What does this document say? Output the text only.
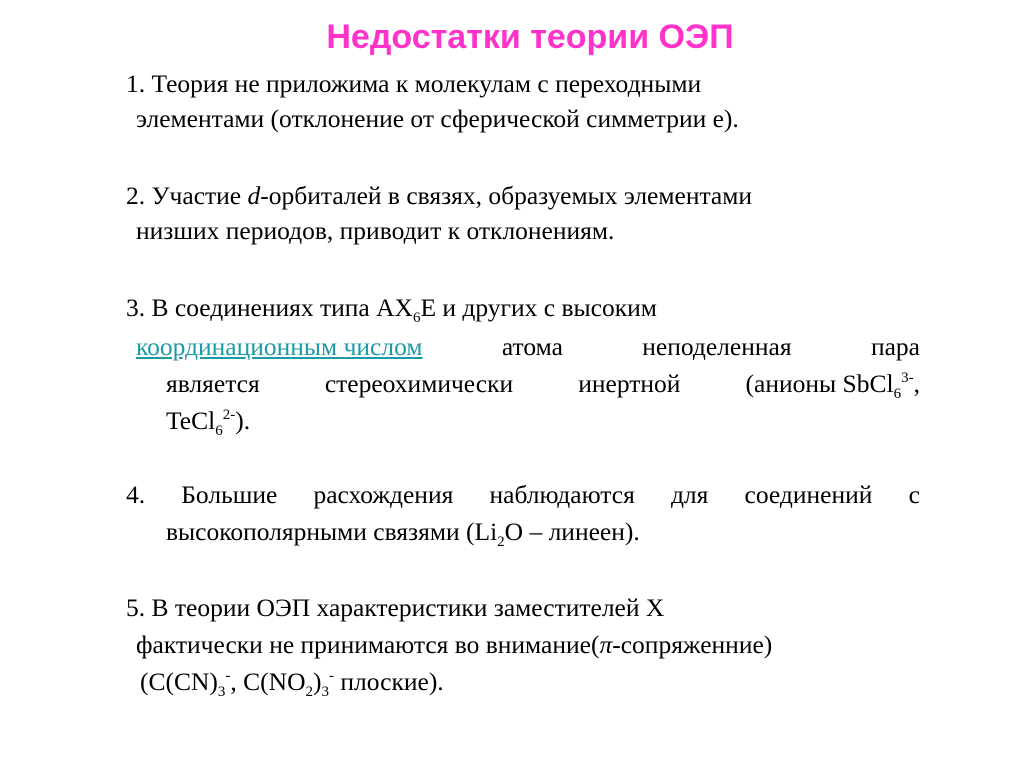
Недостатки теории ОЭП
1. Теория не приложима к молекулам с переходными
элементами (отклонение от сферической симметрии е).
2. Участие d-орбиталей в связях, образуемых элементами
низших периодов, приводит к отклонениям.
3. В соединениях типа $АХ_6Е$ и других с высоким
координационным числом	атома	неподеленная	пара
является	стереохимически	инертной	(анионы SbCl$_6^{3-}$,
TeCl$_6^{2-}$).
4. Большие расхождения наблюдаются для соединений с
высокополярными связями ($Li_2О$ – линеен).
5. В теории ОЭП характеристики заместителей Х
фактически не принимаются во внимание(π-сопряженние)
($С(CN)_3^-$, $С(NO_2)_3^-$ плоские).
